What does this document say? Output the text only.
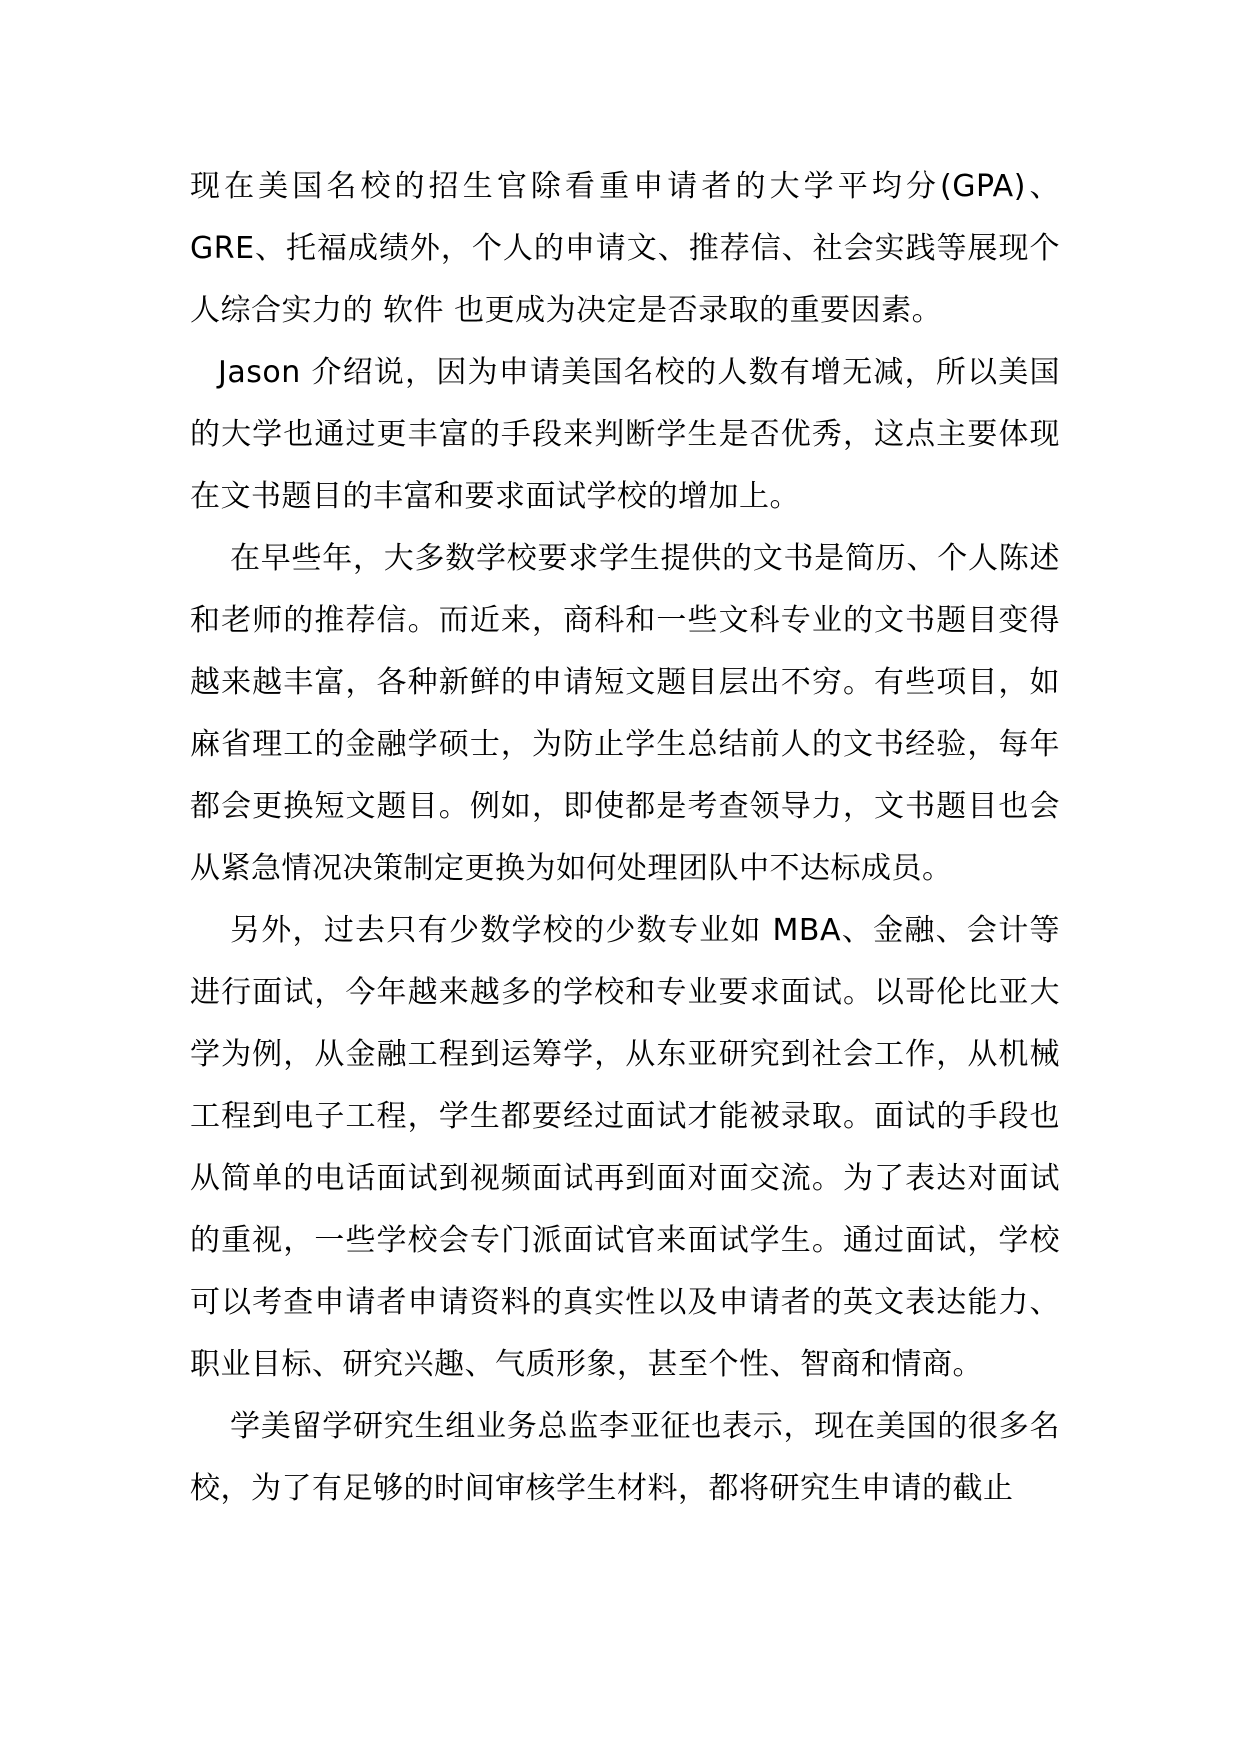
现在美国名校的招生官除看重申请者的大学平均分(GPA)、GRE、托福成绩外，个人的申请文、推荐信、社会实践等展现个人综合实力的 软件 也更成为决定是否录取的重要因素。

Jason 介绍说，因为申请美国名校的人数有增无减，所以美国的大学也通过更丰富的手段来判断学生是否优秀，这点主要体现在文书题目的丰富和要求面试学校的增加上。

在早些年，大多数学校要求学生提供的文书是简历、个人陈述和老师的推荐信。而近来，商科和一些文科专业的文书题目变得越来越丰富，各种新鲜的申请短文题目层出不穷。有些项目，如麻省理工的金融学硕士，为防止学生总结前人的文书经验，每年都会更换短文题目。例如，即使都是考查领导力，文书题目也会从紧急情况决策制定更换为如何处理团队中不达标成员。

另外，过去只有少数学校的少数专业如 MBA、金融、会计等进行面试，今年越来越多的学校和专业要求面试。以哥伦比亚大学为例，从金融工程到运筹学，从东亚研究到社会工作，从机械工程到电子工程，学生都要经过面试才能被录取。面试的手段也从简单的电话面试到视频面试再到面对面交流。为了表达对面试的重视，一些学校会专门派面试官来面试学生。通过面试，学校可以考查申请者申请资料的真实性以及申请者的英文表达能力、职业目标、研究兴趣、气质形象，甚至个性、智商和情商。

学美留学研究生组业务总监李亚征也表示，现在美国的很多名校，为了有足够的时间审核学生材料，都将研究生申请的截止
